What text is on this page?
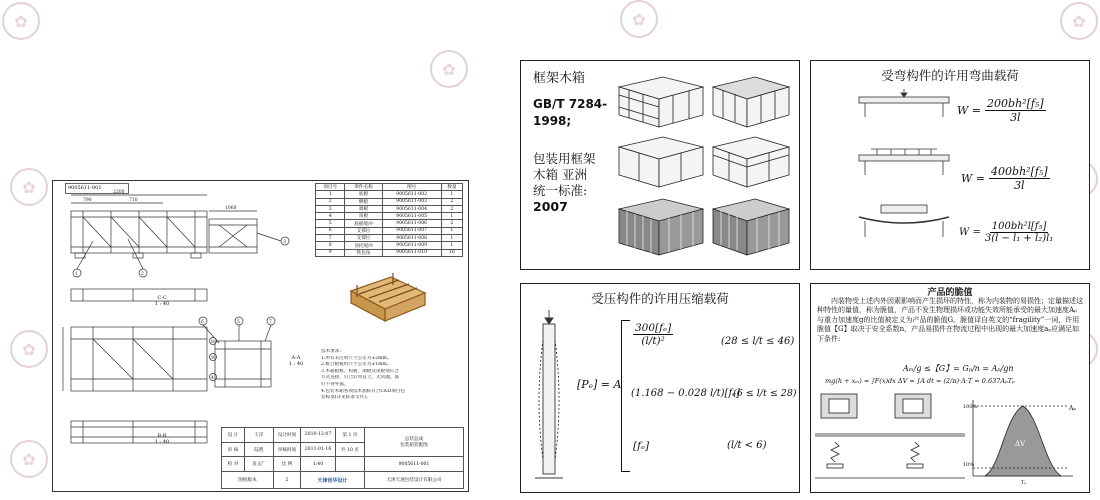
✿
✿
✿
✿
✿
✿
✿
9005611-001
2200
790	710
1060
1	2
3
6	5	7
8
9
4
C-C
1 : 40
A-A
1 : 40
B-B
1 : 40
项目号	零件名称	图号	数量
1	底板	9005611-002	1
2	侧板	9005611-003	2
3	端板	9005611-004	2
4	顶板	9005611-005	1
5	底板缓冲	9005611-006	2
6	支撑位	9005611-007	1
7	支撑位	9005611-008	1
8	顶托缓冲	9005611-009	1
9	铁包角	9005611-010	16
技术要求:
1.所有未注明尺寸公差为±2mm。
2.框合板模料尺寸公差为±1mm。
3.木箱板框，构板，端板及顶板须钉合
方式连接，钉合后再直立，无问题，都
钉不得外露。
4.包装木箱各项技术指标符合CKD项目包
装标准(详见标准文件)。
设 计	王洋	设计时间	2010-12-07	第 1 页	总装总成
包装箱装配图

审 核	陆凯	审核时间	2011-01-16	共 10 页	
校 对	袁文广	比 例	1:40		9005611-001

图纸版本		2	天津创华设计		天津天展包装设计有限公司
框架木箱
GB/T 7284-
1998;
包装用框架
木箱 亚洲
统一标准:
2007
受弯构件的许用弯曲载荷
$W = \frac{\text{200bh²[f₅]}}{3l}$
$W = \frac{\text{400bh²[f₅]}}{3l}$
$W = \frac{\text{100bh²l[f₅]}}{\text{3(l − l₁ + l₂)l₁}}$
受压构件的许用压缩载荷
[Pₑ] = A
300[fₑ]
(l/t)²	(28 ≤ l/t ≤ 46)
(1.168 − 0.028 l/t)[fₑ]
(6 ≤ l/t ≤ 28)
[fₑ]	(l/t < 6)
产品的脆值
内装物受上述内外因素影响而产生损坏的特性，称为内装物的易损性；定量描述这种特性的量值，称为脆值，产品不发生物理损坏或功能失效所能承受的最大加速度Aₚ与重力加速度g的比值被定义为产品的脆值G。脆值译自英文的“fragility”一词，许用脆值【G】取决于安全系数n，产品易损件在物流过程中出现的最大加速度aₚ应满足如下条件:
Aₘ/g ≤【G】= Gₚ/n = Aₚ/gn
mg(h + xₘ) = ∫F(x)dx ΔV = ∫A dt = (2/π)·A·T = 0.637AₚTₚ
Aₚ
ΔV
10%
100%
Tₚ
